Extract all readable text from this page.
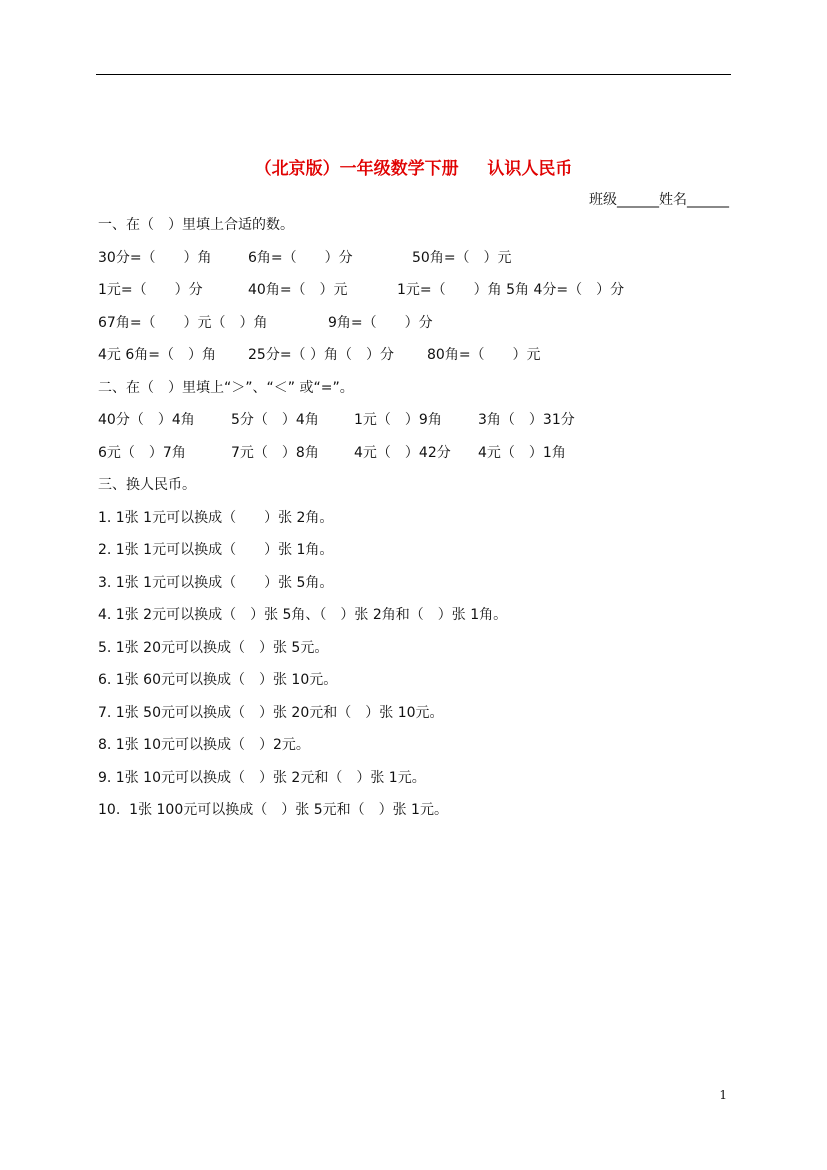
（北京版）一年级数学下册　  认识人民币
班级______姓名______
一、在（　）里填上合适的数。
30分=（　　）角	6角=（　　）分	50角=（　）元
1元=（　　）分	40角=（　）元	1元=（　　）角 5角 4分=（　）分
67角=（　　）元（　）角	9角=（　　）分
4元 6角=（　）角 25分=（ ）角（　）分 80角=（　　）元
二、在（　）里填上“＞”、“＜” 或“=”。
40分（　）4角	5分（　）4角	1元（　）9角	3角（　）31分
6元（　）7角	7元（　）8角	4元（　）42分 4元（　）1角
三、换人民币。
1. 1张 1元可以换成（　　）张 2角。
2. 1张 1元可以换成（　　）张 1角。
3. 1张 1元可以换成（　　）张 5角。
4. 1张 2元可以换成（　）张 5角、（　）张 2角和（　）张 1角。
5. 1张 20元可以换成（　）张 5元。
6. 1张 60元可以换成（　）张 10元。
7. 1张 50元可以换成（　）张 20元和（　）张 10元。
8. 1张 10元可以换成（　）2元。
9. 1张 10元可以换成（　）张 2元和（　）张 1元。
10.  1张 100元可以换成（　）张 5元和（　）张 1元。
1
